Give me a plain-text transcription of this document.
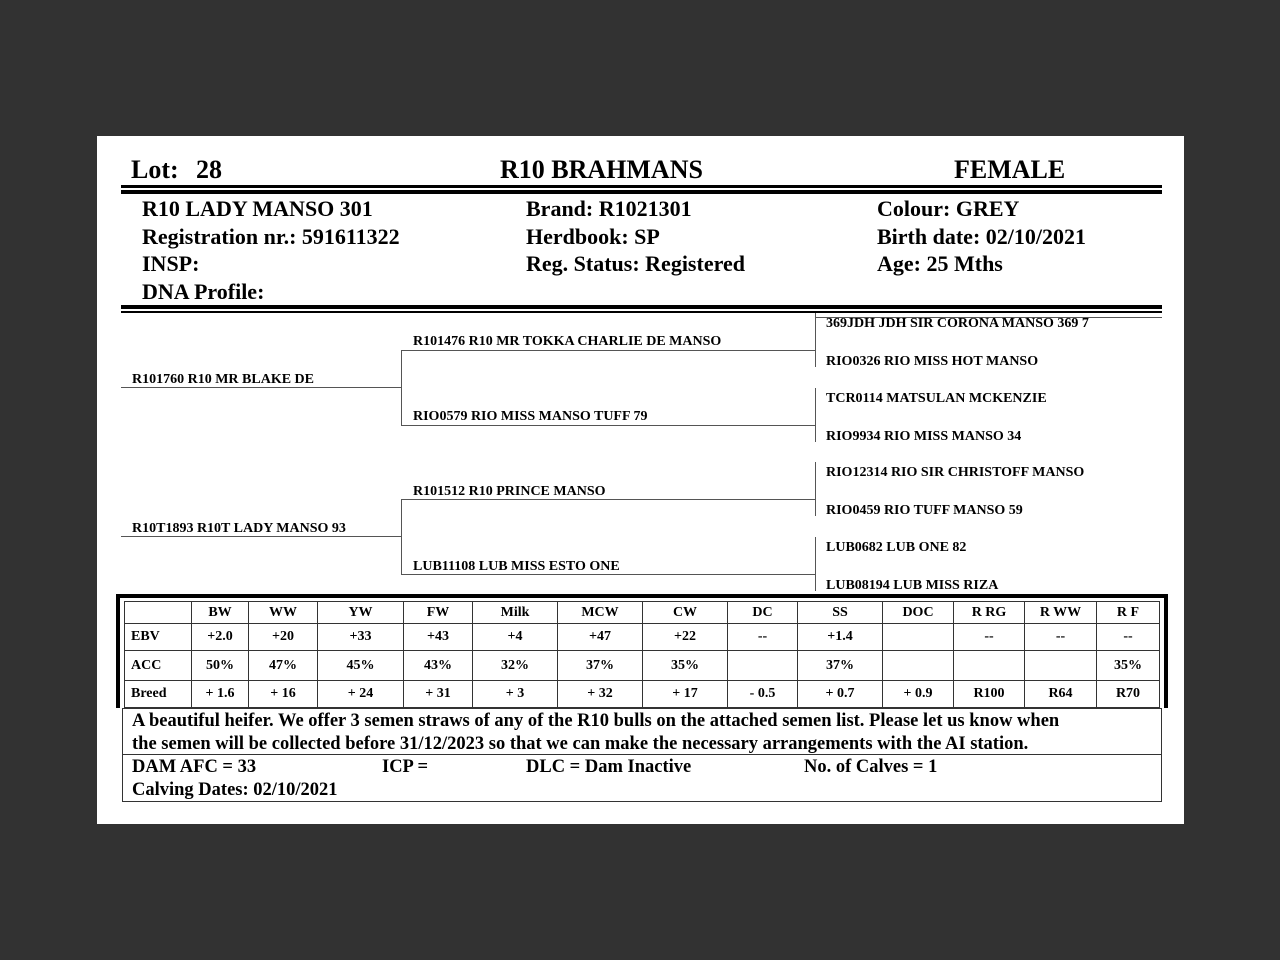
Lot: 28	R10 BRAHMANS	FEMALE
R10 LADY MANSO 301
Registration nr.: 591611322
INSP:
DNA Profile:
Brand: R1021301
Herdbook: SP
Reg. Status: Registered
Colour: GREY
Birth date: 02/10/2021
Age: 25 Mths
R101760 R10 MR BLAKE DE
R10T1893 R10T LADY MANSO 93
R101476 R10 MR TOKKA CHARLIE DE MANSO
RIO0579 RIO MISS MANSO TUFF 79
R101512 R10 PRINCE MANSO
LUB11108 LUB MISS ESTO ONE
369JDH JDH SIR CORONA MANSO 369 7
RIO0326 RIO MISS HOT MANSO
TCR0114 MATSULAN MCKENZIE
RIO9934 RIO MISS MANSO 34
RIO12314 RIO SIR CHRISTOFF MANSO
RIO0459 RIO TUFF MANSO 59
LUB0682 LUB ONE 82
LUB08194 LUB MISS RIZA
	BW	WW	YW	FW	Milk	MCW	CW	DC	SS	DOC	R RG	R WW	R F
EBV	+2.0	+20	+33	+43	+4	+47	+22	--	+1.4		--	--	--
ACC	50%	47%	45%	43%	32%	37%	35%		37%				35%
Breed	+ 1.6	+ 16	+ 24	+ 31	+ 3	+ 32	+ 17	- 0.5	+ 0.7	+ 0.9	R100	R64	R70
A beautiful heifer. We offer 3 semen straws of any of the R10 bulls on the attached semen list. Please let us know when
the semen will be collected before 31/12/2023 so that we can make the necessary arrangements with the AI station.
DAM AFC = 33	ICP =	DLC = Dam Inactive	No. of Calves = 1
Calving Dates: 02/10/2021
